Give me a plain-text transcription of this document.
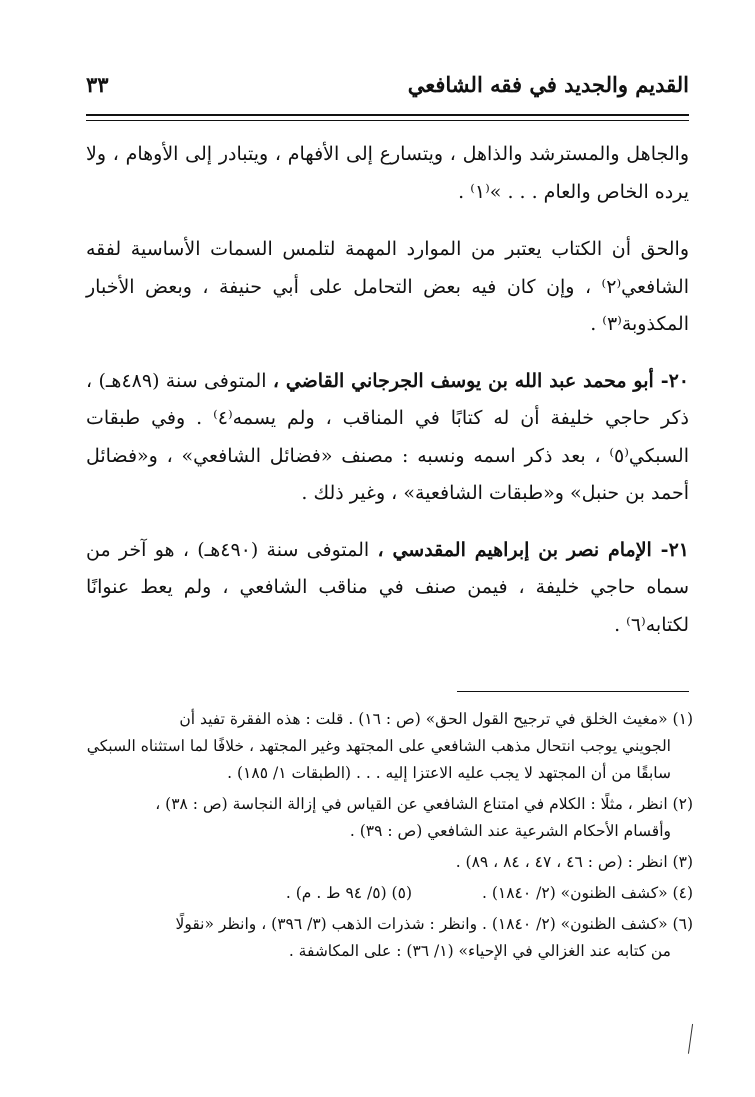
القديم والجديد في فقه الشافعي
٣٣

والجاهل والمسترشد والذاهل ، ويتسارع إلى الأفهام ، ويتبادر إلى الأوهام ، ولا يرده الخاص والعام . . . »⁽١⁾ .

والحق أن الكتاب يعتبر من الموارد المهمة لتلمس السمات الأساسية لفقه الشافعي⁽٢⁾ ، وإن كان فيه بعض التحامل على أبي حنيفة ، وبعض الأخبار المكذوبة⁽٣⁾ .

٢٠- أبو محمد عبد الله بن يوسف الجرجاني القاضي ، المتوفى سنة (٤٨٩هـ) ، ذكر حاجي خليفة أن له كتابًا في المناقب ، ولم يسمه⁽٤⁾ . وفي طبقات السبكي⁽٥⁾ ، بعد ذكر اسمه ونسبه : مصنف «فضائل الشافعي» ، و«فضائل أحمد بن حنبل» و«طبقات الشافعية» ، وغير ذلك .

٢١- الإمام نصر بن إبراهيم المقدسي ، المتوفى سنة (٤٩٠هـ) ، هو آخر من سماه حاجي خليفة ، فيمن صنف في مناقب الشافعي ، ولم يعط عنوانًا لكتابه⁽٦⁾ .

(١) «مغيث الخلق في ترجيح القول الحق» (ص : ١٦) . قلت : هذه الفقرة تفيد أن
الجويني يوجب انتحال مذهب الشافعي على المجتهد وغير المجتهد ، خلافًا لما استثناه السبكي سابقًا من أن المجتهد لا يجب عليه الاعتزا إليه . . . (الطبقات ١/ ١٨٥) .
(٢) انظر ، مثلًا : الكلام في امتناع الشافعي عن القياس في إزالة النجاسة (ص : ٣٨) ،
وأقسام الأحكام الشرعية عند الشافعي (ص : ٣٩) .
(٣) انظر : (ص : ٤٦ ، ٤٧ ، ٨٤ ، ٨٩) .
(٤) «كشف الظنون» (٢/ ١٨٤٠) .
(٥) (٥/ ٩٤ ط . م) .
(٦) «كشف الظنون» (٢/ ١٨٤٠) . وانظر : شذرات الذهب (٣/ ٣٩٦) ، وانظر «نقولًا
من كتابه عند الغزالي في الإحياء» (١/ ٣٦) : على المكاشفة .
